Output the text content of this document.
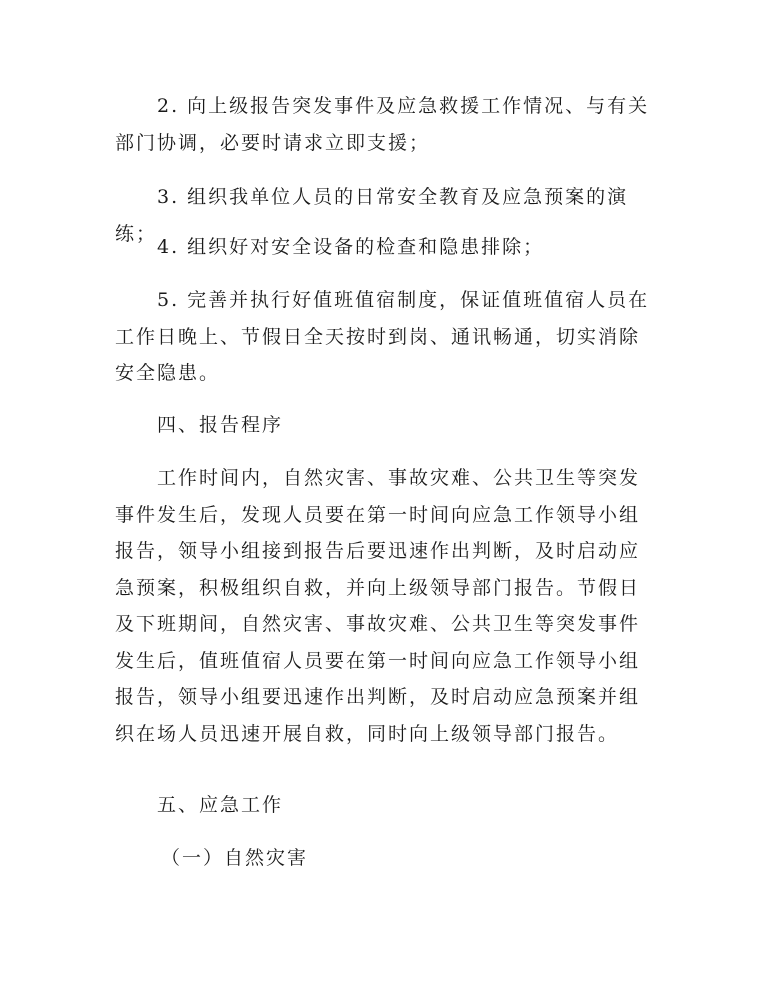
2. 向上级报告突发事件及应急救援工作情况、与有关部门协调，必要时请求立即支援；

3. 组织我单位人员的日常安全教育及应急预案的演练；

4. 组织好对安全设备的检查和隐患排除；

5. 完善并执行好值班值宿制度，保证值班值宿人员在工作日晚上、节假日全天按时到岗、通讯畅通，切实消除安全隐患。

四、报告程序

工作时间内，自然灾害、事故灾难、公共卫生等突发事件发生后，发现人员要在第一时间向应急工作领导小组报告，领导小组接到报告后要迅速作出判断，及时启动应急预案，积极组织自救，并向上级领导部门报告。节假日及下班期间，自然灾害、事故灾难、公共卫生等突发事件发生后，值班值宿人员要在第一时间向应急工作领导小组报告，领导小组要迅速作出判断，及时启动应急预案并组织在场人员迅速开展自救，同时向上级领导部门报告。

五、应急工作

（一）自然灾害
